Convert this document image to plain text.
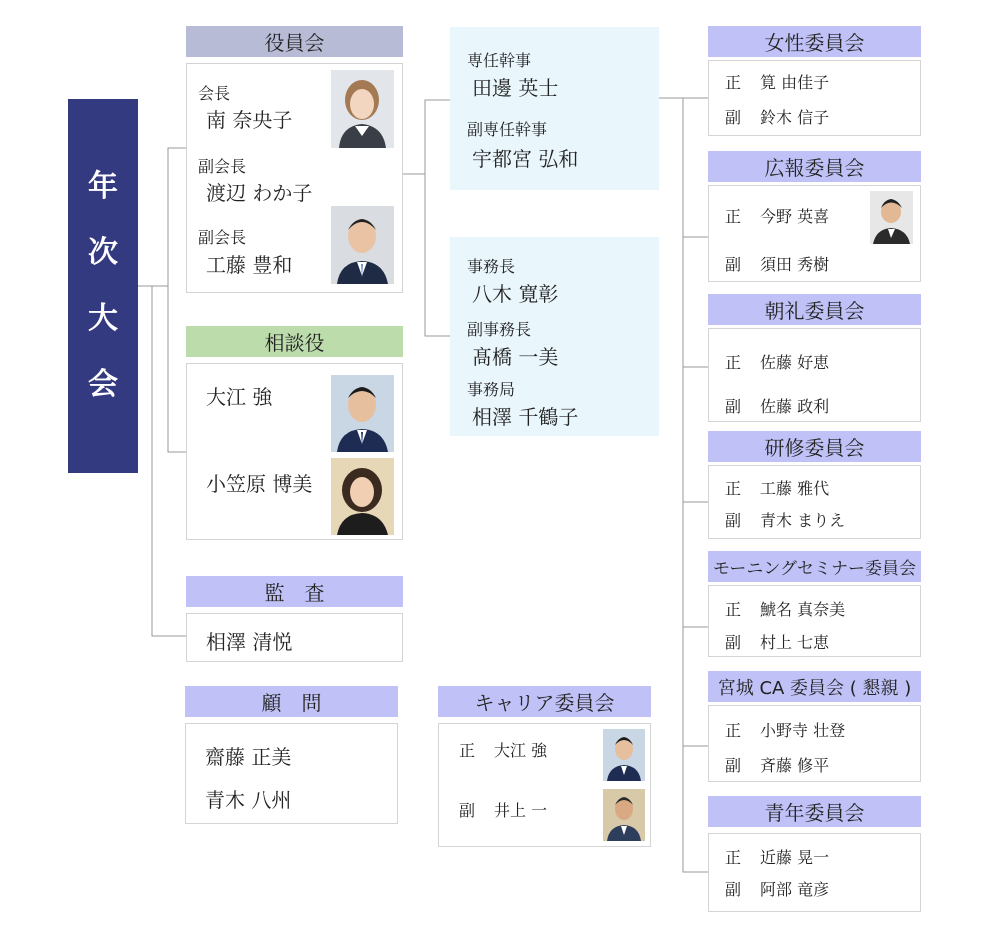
年
次
大
会
役員会
会長
南 奈央子
副会長
渡辺 わか子
副会長
工藤 豊和
相談役
大江 強
小笠原 博美
監　査
相澤 清悦
顧　問
齋藤 正美
青木 八州
専任幹事
田邊 英士
副専任幹事
宇都宮 弘和
事務長
八木 寛彰
副事務長
髙橋 一美
事務局
相澤 千鶴子
キャリア委員会
正 大江 強
副 井上 一
女性委員会
正 筧 由佳子
副 鈴木 信子
広報委員会
正 今野 英喜
副 須田 秀樹
朝礼委員会
正 佐藤 好恵
副 佐藤 政利
研修委員会
正 工藤 雅代
副 青木 まりえ
モーニングセミナー委員会
正 鯱名 真奈美
副 村上 七恵
宮城 CA 委員会 ( 懇親 )
正 小野寺 壮登
副 斉藤 修平
青年委員会
正 近藤 晃一
副 阿部 竜彦
